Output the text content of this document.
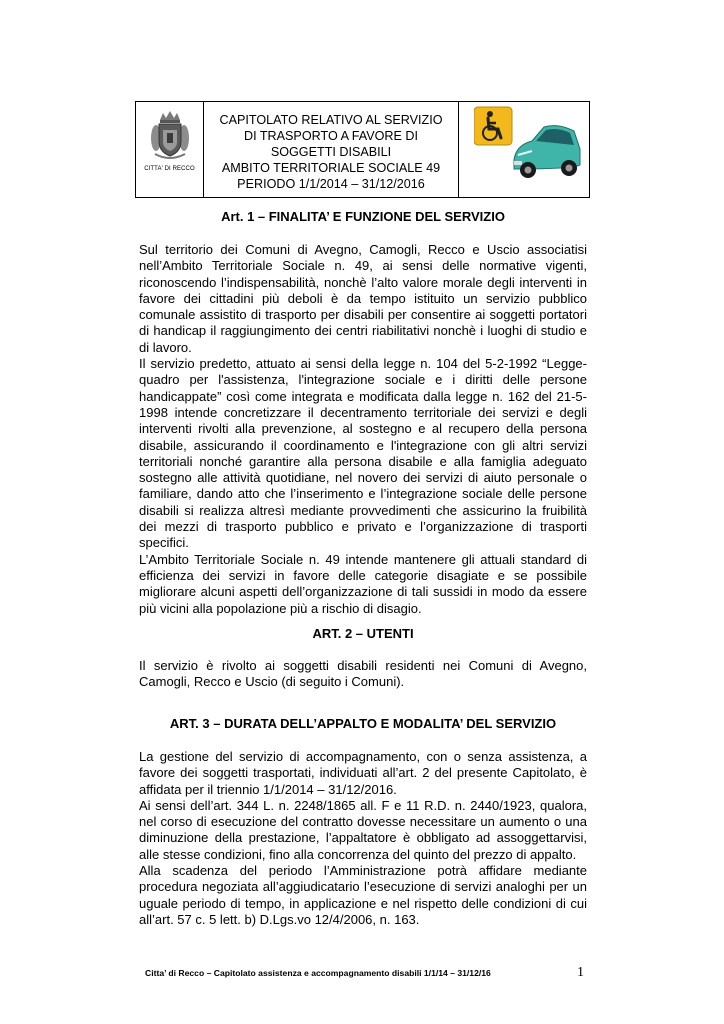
CITTA' DI RECCO
CAPITOLATO RELATIVO AL SERVIZIO
DI TRASPORTO A FAVORE DI
SOGGETTI DISABILI
AMBITO TERRITORIALE SOCIALE 49
PERIODO 1/1/2014 – 31/12/2016
Art. 1 – FINALITA’ E FUNZIONE DEL SERVIZIO

Sul territorio dei Comuni di Avegno, Camogli, Recco e Uscio associatisi nell’Ambito Territoriale Sociale n. 49, ai sensi delle normative vigenti, riconoscendo l’indispensabilità, nonchè l’alto valore morale degli interventi in favore dei cittadini più deboli è da tempo istituito un servizio pubblico comunale assistito di trasporto per disabili per consentire ai soggetti portatori di handicap il raggiungimento dei centri riabilitativi nonchè i luoghi di studio e di lavoro.

Il servizio predetto, attuato ai sensi della legge n. 104 del 5-2-1992 “Legge-quadro per l'assistenza, l'integrazione sociale e i diritti delle persone handicappate” così come integrata e modificata dalla legge n. 162 del 21-5-1998 intende concretizzare il decentramento territoriale dei servizi e degli interventi rivolti alla prevenzione, al sostegno e al recupero della persona disabile, assicurando il coordinamento e l'integrazione con gli altri servizi territoriali nonché garantire alla persona disabile e alla famiglia adeguato sostegno alle attività quotidiane, nel novero dei servizi di aiuto personale o familiare, dando atto che l’inserimento e l’integrazione sociale delle persone disabili si realizza altresì mediante provvedimenti che assicurino la fruibilità dei mezzi di trasporto pubblico e privato e l’organizzazione di trasporti specifici.

L’Ambito Territoriale Sociale n. 49 intende mantenere gli attuali standard di efficienza dei servizi in favore delle categorie disagiate e se possibile migliorare alcuni aspetti dell’organizzazione di tali sussidi in modo da essere più vicini alla popolazione più a rischio di disagio.

ART. 2 – UTENTI

Il servizio è rivolto ai soggetti disabili residenti nei Comuni di Avegno, Camogli, Recco e Uscio (di seguito i Comuni).

ART. 3 – DURATA DELL’APPALTO E MODALITA’ DEL SERVIZIO

La gestione del servizio di accompagnamento, con o senza assistenza, a favore dei soggetti trasportati, individuati all’art. 2 del presente Capitolato, è affidata per il triennio 1/1/2014 – 31/12/2016.

Ai sensi dell’art. 344 L. n. 2248/1865 all. F e 11 R.D. n. 2440/1923, qualora, nel corso di esecuzione del contratto dovesse necessitare un aumento o una diminuzione della prestazione, l’appaltatore è obbligato ad assoggettarvisi, alle stesse condizioni, fino alla concorrenza del quinto del prezzo di appalto.

Alla scadenza del periodo l’Amministrazione potrà affidare mediante procedura negoziata all’aggiudicatario l’esecuzione di servizi analoghi per un uguale periodo di tempo, in applicazione e nel rispetto delle condizioni di cui all’art. 57 c. 5 lett. b) D.Lgs.vo 12/4/2006, n. 163.

Citta’ di Recco – Capitolato assistenza e accompagnamento disabili 1/1/14 – 31/12/16	1
